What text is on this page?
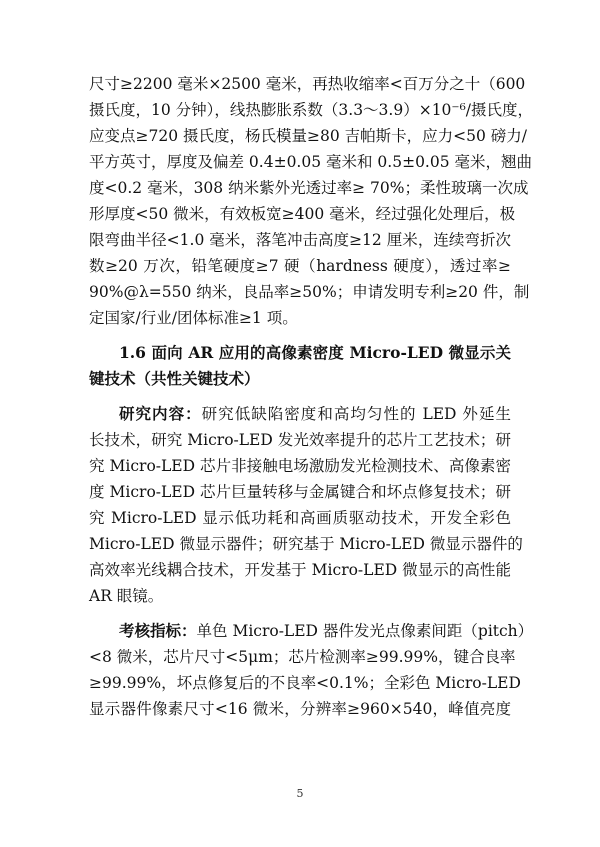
尺寸≥2200 毫米×2500 毫米，再热收缩率<百万分之十（600
摄氏度，10 分钟），线热膨胀系数（3.3～3.9）×10⁻⁶/摄氏度，
应变点≥720 摄氏度，杨氏模量≥80 吉帕斯卡，应力<50 磅力/
平方英寸，厚度及偏差 0.4±0.05 毫米和 0.5±0.05 毫米，翘曲
度<0.2 毫米，308 纳米紫外光透过率≥ 70%；柔性玻璃一次成
形厚度<50 微米，有效板宽≥400 毫米，经过强化处理后，极
限弯曲半径<1.0 毫米，落笔冲击高度≥12 厘米，连续弯折次
数≥20 万次，铅笔硬度≥7 硬（hardness 硬度），透过率≥
90%@λ=550 纳米，良品率≥50%；申请发明专利≥20 件，制
定国家/行业/团体标准≥1 项。
1.6 面向 AR 应用的高像素密度 Micro-LED 微显示关
键技术（共性关键技术）
研究内容：研究低缺陷密度和高均匀性的 LED 外延生
长技术，研究 Micro-LED 发光效率提升的芯片工艺技术；研
究 Micro-LED 芯片非接触电场激励发光检测技术、高像素密
度 Micro-LED 芯片巨量转移与金属键合和坏点修复技术；研
究 Micro-LED 显示低功耗和高画质驱动技术，开发全彩色
Micro-LED 微显示器件；研究基于 Micro-LED 微显示器件的
高效率光线耦合技术，开发基于 Micro-LED 微显示的高性能
AR 眼镜。
考核指标：单色 Micro-LED 器件发光点像素间距（pitch）
<8 微米，芯片尺寸<5μm；芯片检测率≥99.99%，键合良率
≥99.99%，坏点修复后的不良率<0.1%；全彩色 Micro-LED
显示器件像素尺寸<16 微米，分辨率≥960×540，峰值亮度
5
